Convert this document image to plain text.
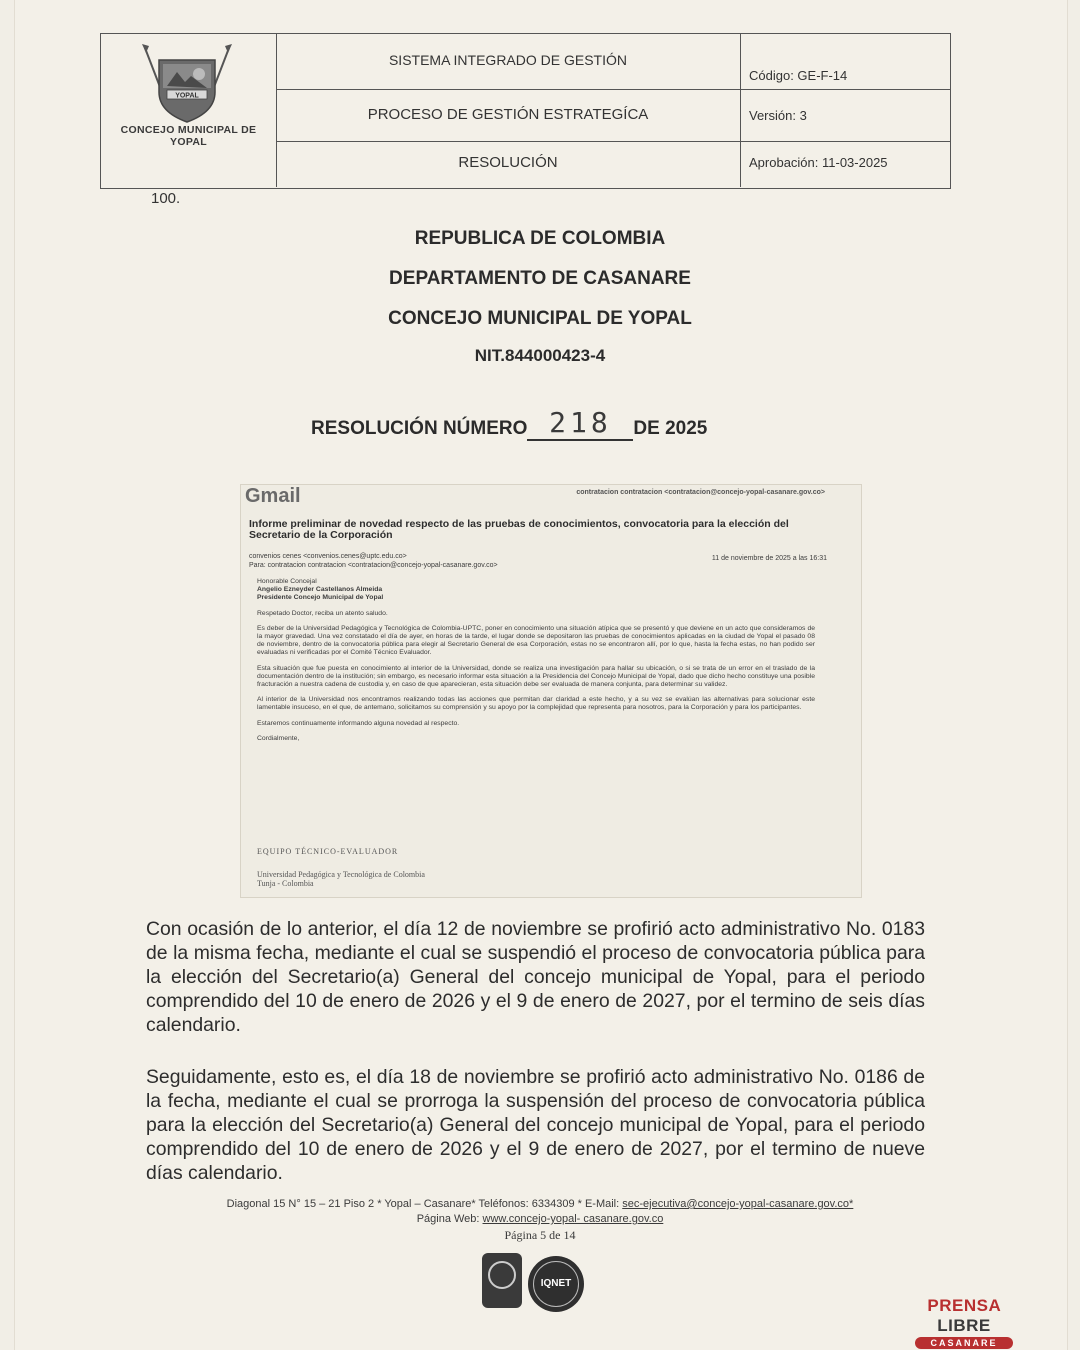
YOPAL
CONCEJO MUNICIPAL DE YOPAL
SISTEMA INTEGRADO DE GESTIÓN
PROCESO DE GESTIÓN ESTRATEGÍCA
RESOLUCIÓN
Código: GE-F-14
Versión: 3
Aprobación: 11-03-2025
100.
REPUBLICA DE COLOMBIA
DEPARTAMENTO DE CASANARE
CONCEJO MUNICIPAL DE YOPAL
NIT.844000423-4
RESOLUCIÓN NÚMERO 218 DE 2025
Gmail	contratacion contratacion <contratacion@concejo-yopal-casanare.gov.co>
Informe preliminar de novedad respecto de las pruebas de conocimientos, convocatoria para la elección del Secretario de la Corporación
convenios cenes <convenios.cenes@uptc.edu.co>
Para: contratacion contratacion <contratacion@concejo-yopal-casanare.gov.co>
11 de noviembre de 2025 a las 16:31

Honorable Concejal
Angelio Ezneyder Castellanos Almeida
Presidente Concejo Municipal de Yopal

Respetado Doctor, reciba un atento saludo.

Es deber de la Universidad Pedagógica y Tecnológica de Colombia-UPTC, poner en conocimiento una situación atípica que se presentó y que deviene en un acto que consideramos de la mayor gravedad. Una vez constatado el día de ayer, en horas de la tarde, el lugar donde se depositaron las pruebas de conocimientos aplicadas en la ciudad de Yopal el pasado 08 de noviembre, dentro de la convocatoria pública para elegir al Secretario General de esa Corporación, estas no se encontraron allí, por lo que, hasta la fecha estas, no han podido ser evaluadas ni verificadas por el Comité Técnico Evaluador.

Esta situación que fue puesta en conocimiento al interior de la Universidad, donde se realiza una investigación para hallar su ubicación, o si se trata de un error en el traslado de la documentación dentro de la institución; sin embargo, es necesario informar esta situación a la Presidencia del Concejo Municipal de Yopal, dado que dicho hecho constituye una posible fracturación a nuestra cadena de custodia y, en caso de que aparecieran, esta situación debe ser evaluada de manera conjunta, para determinar su validez.

Al interior de la Universidad nos encontramos realizando todas las acciones que permitan dar claridad a este hecho, y a su vez se evalúan las alternativas para solucionar este lamentable insuceso, en el que, de antemano, solicitamos su comprensión y su apoyo por la complejidad que representa para nosotros, para la Corporación y para los participantes.

Estaremos continuamente informando alguna novedad al respecto.

Cordialmente,

EQUIPO TÉCNICO-EVALUADOR
Universidad Pedagógica y Tecnológica de Colombia
Tunja - Colombia
Con ocasión de lo anterior, el día 12 de noviembre se profirió acto administrativo No. 0183 de la misma fecha, mediante el cual se suspendió el proceso de convocatoria pública para la elección del Secretario(a) General del concejo municipal de Yopal, para el periodo comprendido del 10 de enero de 2026 y el 9 de enero de 2027, por el termino de seis días calendario.
Seguidamente, esto es, el día 18 de noviembre se profirió acto administrativo No. 0186 de la fecha, mediante el cual se prorroga la suspensión del proceso de convocatoria pública para la elección del Secretario(a) General del concejo municipal de Yopal, para el periodo comprendido del 10 de enero de 2026 y el 9 de enero de 2027, por el termino de nueve días calendario.
Diagonal 15 N° 15 – 21 Piso 2 * Yopal – Casanare* Teléfonos: 6334309 * E-Mail: sec-ejecutiva@concejo-yopal-casanare.gov.co*
Página Web: www.concejo-yopal- casanare.gov.co
Página 5 de 14
IQNET
PRENSA LIBRE
CASANARE
